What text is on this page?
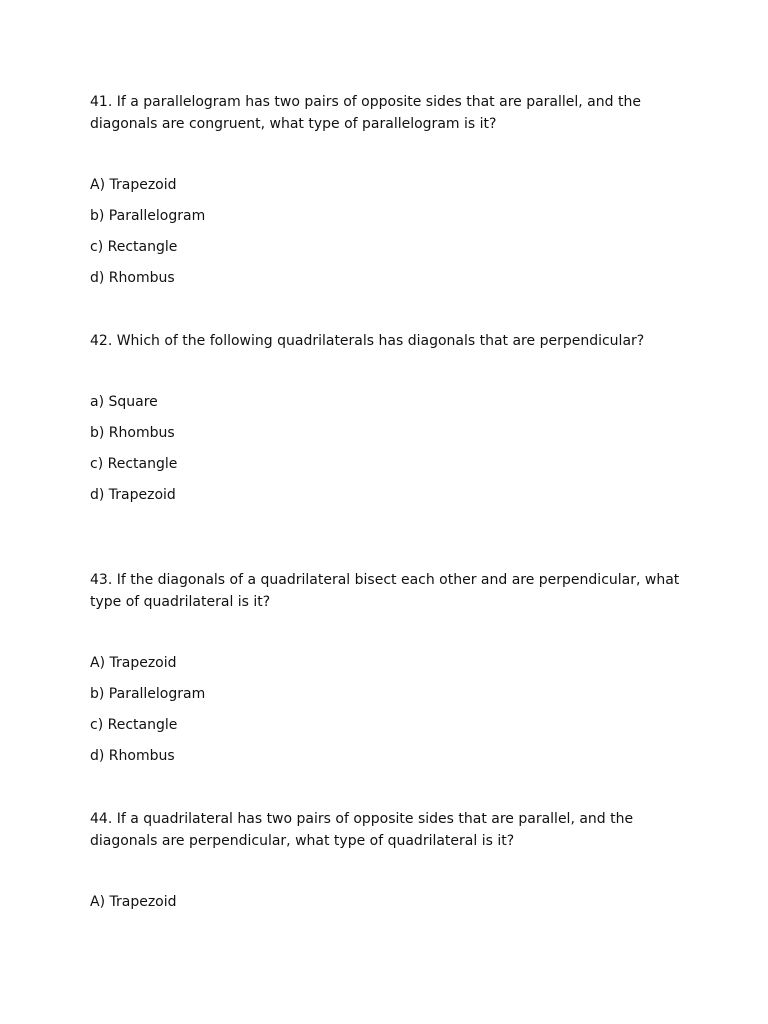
41. If a parallelogram has two pairs of opposite sides that are parallel, and the diagonals are congruent, what type of parallelogram is it?

A) Trapezoid
b) Parallelogram
c) Rectangle
d) Rhombus

42. Which of the following quadrilaterals has diagonals that are perpendicular?

a) Square
b) Rhombus
c) Rectangle
d) Trapezoid

43. If the diagonals of a quadrilateral bisect each other and are perpendicular, what type of quadrilateral is it?

A) Trapezoid
b) Parallelogram
c) Rectangle
d) Rhombus

44. If a quadrilateral has two pairs of opposite sides that are parallel, and the diagonals are perpendicular, what type of quadrilateral is it?

A) Trapezoid
